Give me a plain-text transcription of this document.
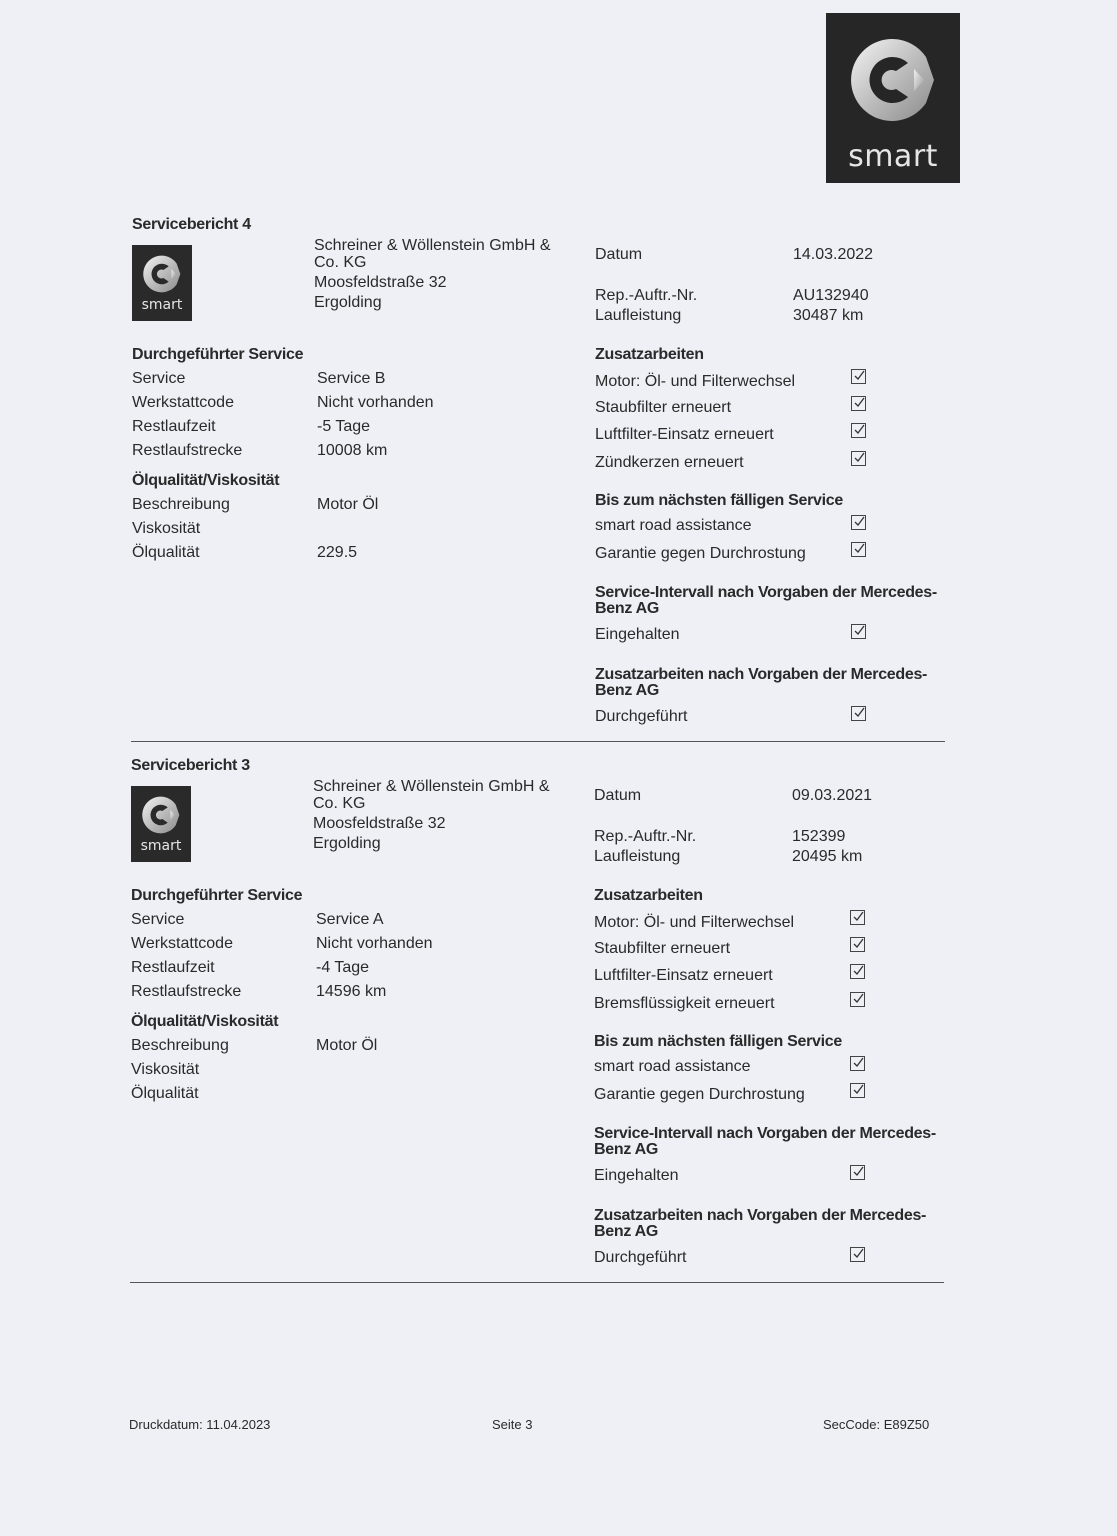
smart
Servicebericht 4
smart
Schreiner & Wöllenstein GmbH &
Co. KG
Moosfeldstraße 32
Ergolding
Datum	14.03.2022
Rep.-Auftr.-Nr.	AU132940
Laufleistung	30487 km
Durchgeführter Service
Service	Service B
Werkstattcode	Nicht vorhanden
Restlaufzeit	-5 Tage
Restlaufstrecke	10008 km
Ölqualität/Viskosität
Beschreibung	Motor Öl
Viskosität
Ölqualität	229.5
Zusatzarbeiten
Motor: Öl- und Filterwechsel
Staubfilter erneuert
Luftfilter-Einsatz erneuert
Zündkerzen erneuert
Bis zum nächsten fälligen Service
smart road assistance
Garantie gegen Durchrostung
Service-Intervall nach Vorgaben der Mercedes-
Benz AG
Eingehalten
Zusatzarbeiten nach Vorgaben der Mercedes-
Benz AG
Durchgeführt
Servicebericht 3
smart
Schreiner & Wöllenstein GmbH &
Co. KG
Moosfeldstraße 32
Ergolding
Datum	09.03.2021
Rep.-Auftr.-Nr.	152399
Laufleistung	20495 km
Durchgeführter Service
Service	Service A
Werkstattcode	Nicht vorhanden
Restlaufzeit	-4 Tage
Restlaufstrecke	14596 km
Ölqualität/Viskosität
Beschreibung	Motor Öl
Viskosität
Ölqualität
Zusatzarbeiten
Motor: Öl- und Filterwechsel
Staubfilter erneuert
Luftfilter-Einsatz erneuert
Bremsflüssigkeit erneuert
Bis zum nächsten fälligen Service
smart road assistance
Garantie gegen Durchrostung
Service-Intervall nach Vorgaben der Mercedes-
Benz AG
Eingehalten
Zusatzarbeiten nach Vorgaben der Mercedes-
Benz AG
Durchgeführt
Druckdatum: 11.04.2023	Seite 3	SecCode: E89Z50
